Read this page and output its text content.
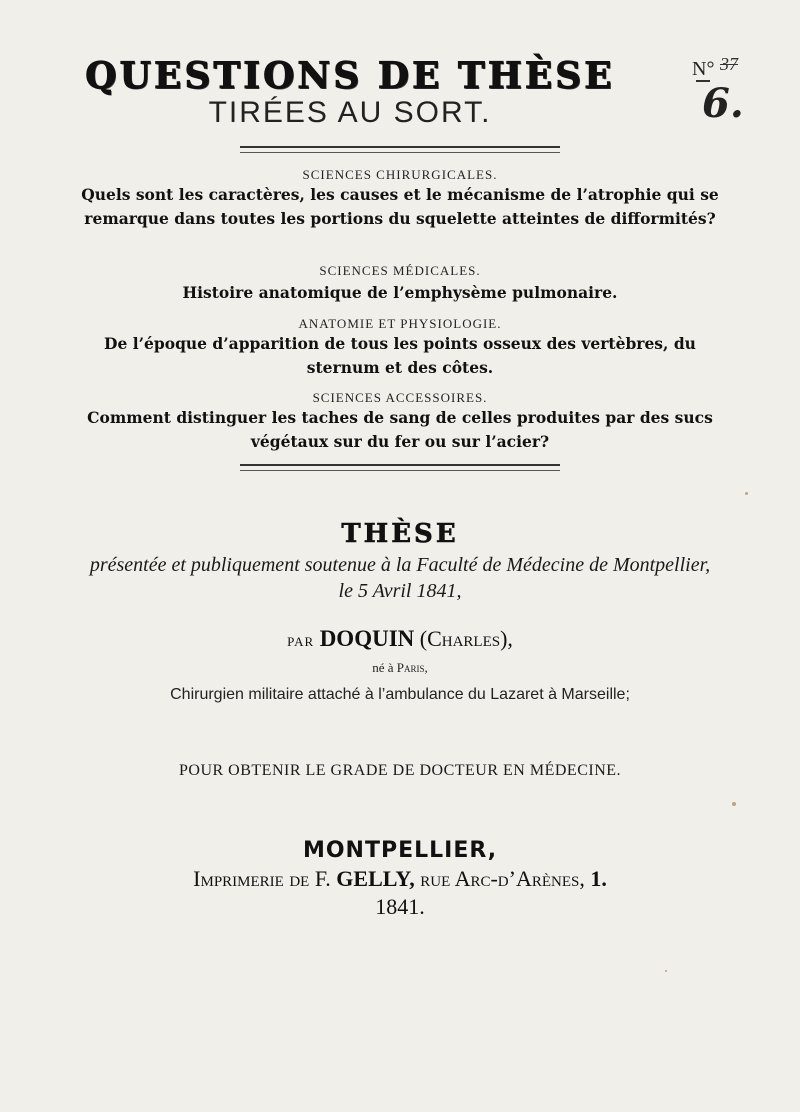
QUESTIONS DE THÈSE
TIRÉES AU SORT.
N° 37
6.
SCIENCES CHIRURGICALES.
Quels sont les caractères, les causes et le mécanisme de l’atrophie qui se remarque dans toutes les portions du squelette atteintes de difformités?
SCIENCES MÉDICALES.
Histoire anatomique de l’emphysème pulmonaire.
ANATOMIE ET PHYSIOLOGIE.
De l’époque d’apparition de tous les points osseux des vertèbres, du sternum et des côtes.
SCIENCES ACCESSOIRES.
Comment distinguer les taches de sang de celles produites par des sucs végétaux sur du fer ou sur l’acier?
THÈSE
présentée et publiquement soutenue à la Faculté de Médecine de Montpellier,
le 5 Avril 1841,
PAR DOQUIN (Charles),
né à Paris,
Chirurgien militaire attaché à l’ambulance du Lazaret à Marseille;
POUR OBTENIR LE GRADE DE DOCTEUR EN MÉDECINE.
MONTPELLIER,
Imprimerie de F. GELLY, rue Arc-d’Arènes, 1.
1841.
